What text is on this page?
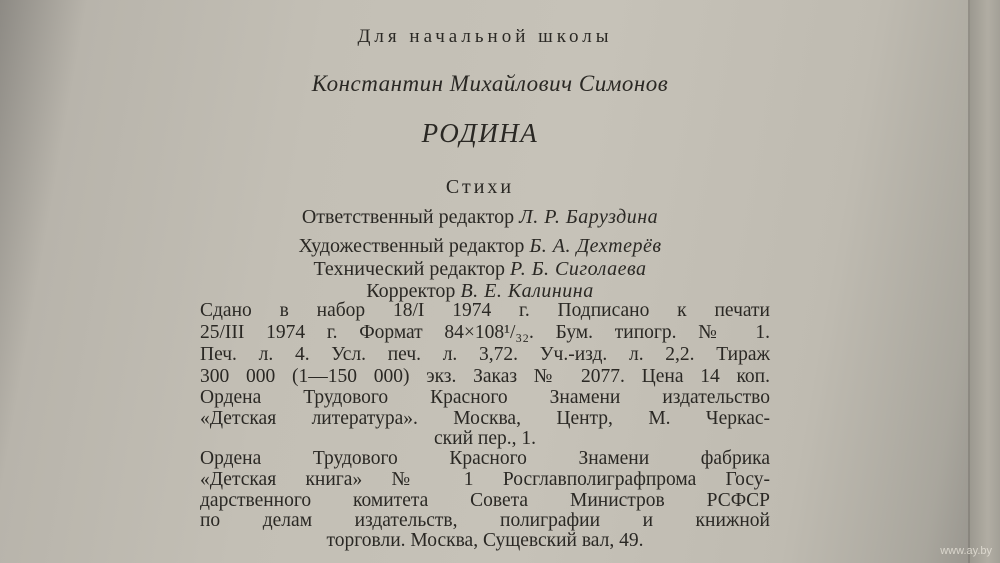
Для начальной школы

Константин Михайлович Симонов

РОДИНА

Стихи

Ответственный редактор Л. Р. Баруздина

Художественный редактор Б. А. Дехтерёв

Технический редактор Р. Б. Сиголаева

Корректор В. Е. Калинина

Сдано в набор 18/I 1974 г. Подписано к печати

25/III 1974 г. Формат 84×108¹/₃₂. Бум. типогр. № 1.

Печ. л. 4. Усл. печ. л. 3,72. Уч.-изд. л. 2,2. Тираж

300 000 (1—150 000) экз. Заказ № 2077. Цена 14 коп.

Ордена Трудового Красного Знамени издательство

«Детская литература». Москва, Центр, М. Черкас-

ский пер., 1.

Ордена Трудового Красного Знамени фабрика

«Детская книга» № 1 Росглавполиграфпрома Госу-

дарственного комитета Совета Министров РСФСР

по делам издательств, полиграфии и книжной

торговли. Москва, Сущевский вал, 49.	www.ay.by
